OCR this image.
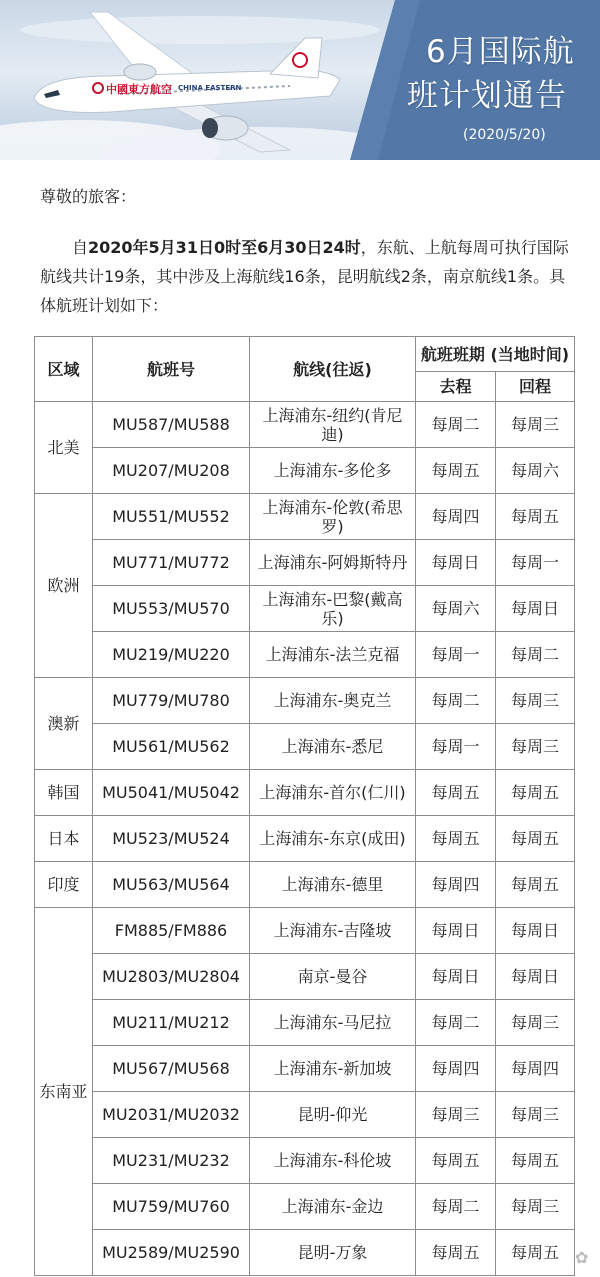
中國東方航空 CHINA EASTERN
6月国际航
班计划通告
(2020/5/20)
尊敬的旅客：
自2020年5月31日0时至6月30日24时，东航、上航每周可执行国际航线共计19条，其中涉及上海航线16条，昆明航线2条，南京航线1条。具体航班计划如下：
区域	航班号	航线(往返)	航班班期 (当地时间)	
			去程	回程
北美	MU587/MU588	上海浦东-纽约(肯尼迪)	每周二	每周三
	MU207/MU208	上海浦东-多伦多	每周五	每周六
欧洲	MU551/MU552	上海浦东-伦敦(希思罗)	每周四	每周五
	MU771/MU772	上海浦东-阿姆斯特丹	每周日	每周一
	MU553/MU570	上海浦东-巴黎(戴高乐)	每周六	每周日
	MU219/MU220	上海浦东-法兰克福	每周一	每周二
澳新	MU779/MU780	上海浦东-奥克兰	每周二	每周三
	MU561/MU562	上海浦东-悉尼	每周一	每周三
韩国	MU5041/MU5042	上海浦东-首尔(仁川)	每周五	每周五
日本	MU523/MU524	上海浦东-东京(成田)	每周五	每周五
印度	MU563/MU564	上海浦东-德里	每周四	每周五
东南亚	FM885/FM886	上海浦东-吉隆坡	每周日	每周日
	MU2803/MU2804	南京-曼谷	每周日	每周日
	MU211/MU212	上海浦东-马尼拉	每周二	每周三
	MU567/MU568	上海浦东-新加坡	每周四	每周四
	MU2031/MU2032	昆明-仰光	每周三	每周三
	MU231/MU232	上海浦东-科伦坡	每周五	每周五
	MU759/MU760	上海浦东-金边	每周二	每周三
	MU2589/MU2590	昆明-万象	每周五	每周五 ✿
